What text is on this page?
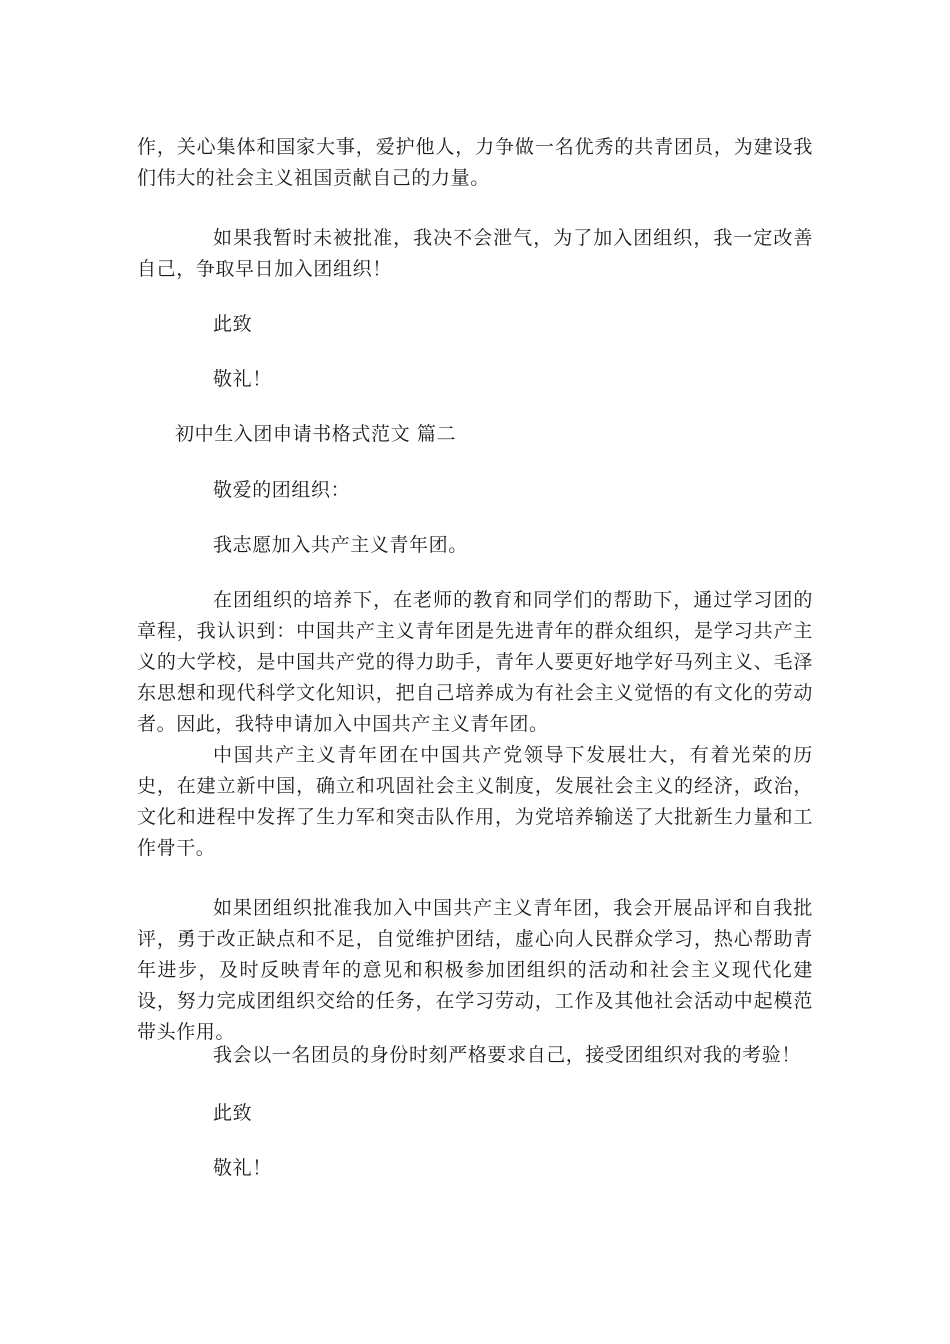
作，关心集体和国家大事，爱护他人，力争做一名优秀的共青团员，为建设我们伟大的社会主义祖国贡献自己的力量。

如果我暂时未被批准，我决不会泄气，为了加入团组织，我一定改善自己，争取早日加入团组织！

此致

敬礼！

初中生入团申请书格式范文 篇二

敬爱的团组织：

我志愿加入共产主义青年团。

在团组织的培养下，在老师的教育和同学们的帮助下，通过学习团的章程，我认识到：中国共产主义青年团是先进青年的群众组织，是学习共产主义的大学校，是中国共产党的得力助手，青年人要更好地学好马列主义、毛泽东思想和现代科学文化知识，把自己培养成为有社会主义觉悟的有文化的劳动者。因此，我特申请加入中国共产主义青年团。

中国共产主义青年团在中国共产党领导下发展壮大，有着光荣的历史，在建立新中国，确立和巩固社会主义制度，发展社会主义的经济，政治，文化和进程中发挥了生力军和突击队作用，为党培养输送了大批新生力量和工作骨干。

如果团组织批准我加入中国共产主义青年团，我会开展品评和自我批评，勇于改正缺点和不足，自觉维护团结，虚心向人民群众学习，热心帮助青年进步，及时反映青年的意见和积极参加团组织的活动和社会主义现代化建设，努力完成团组织交给的任务，在学习劳动，工作及其他社会活动中起模范带头作用。

我会以一名团员的身份时刻严格要求自己，接受团组织对我的考验！

此致

敬礼！
